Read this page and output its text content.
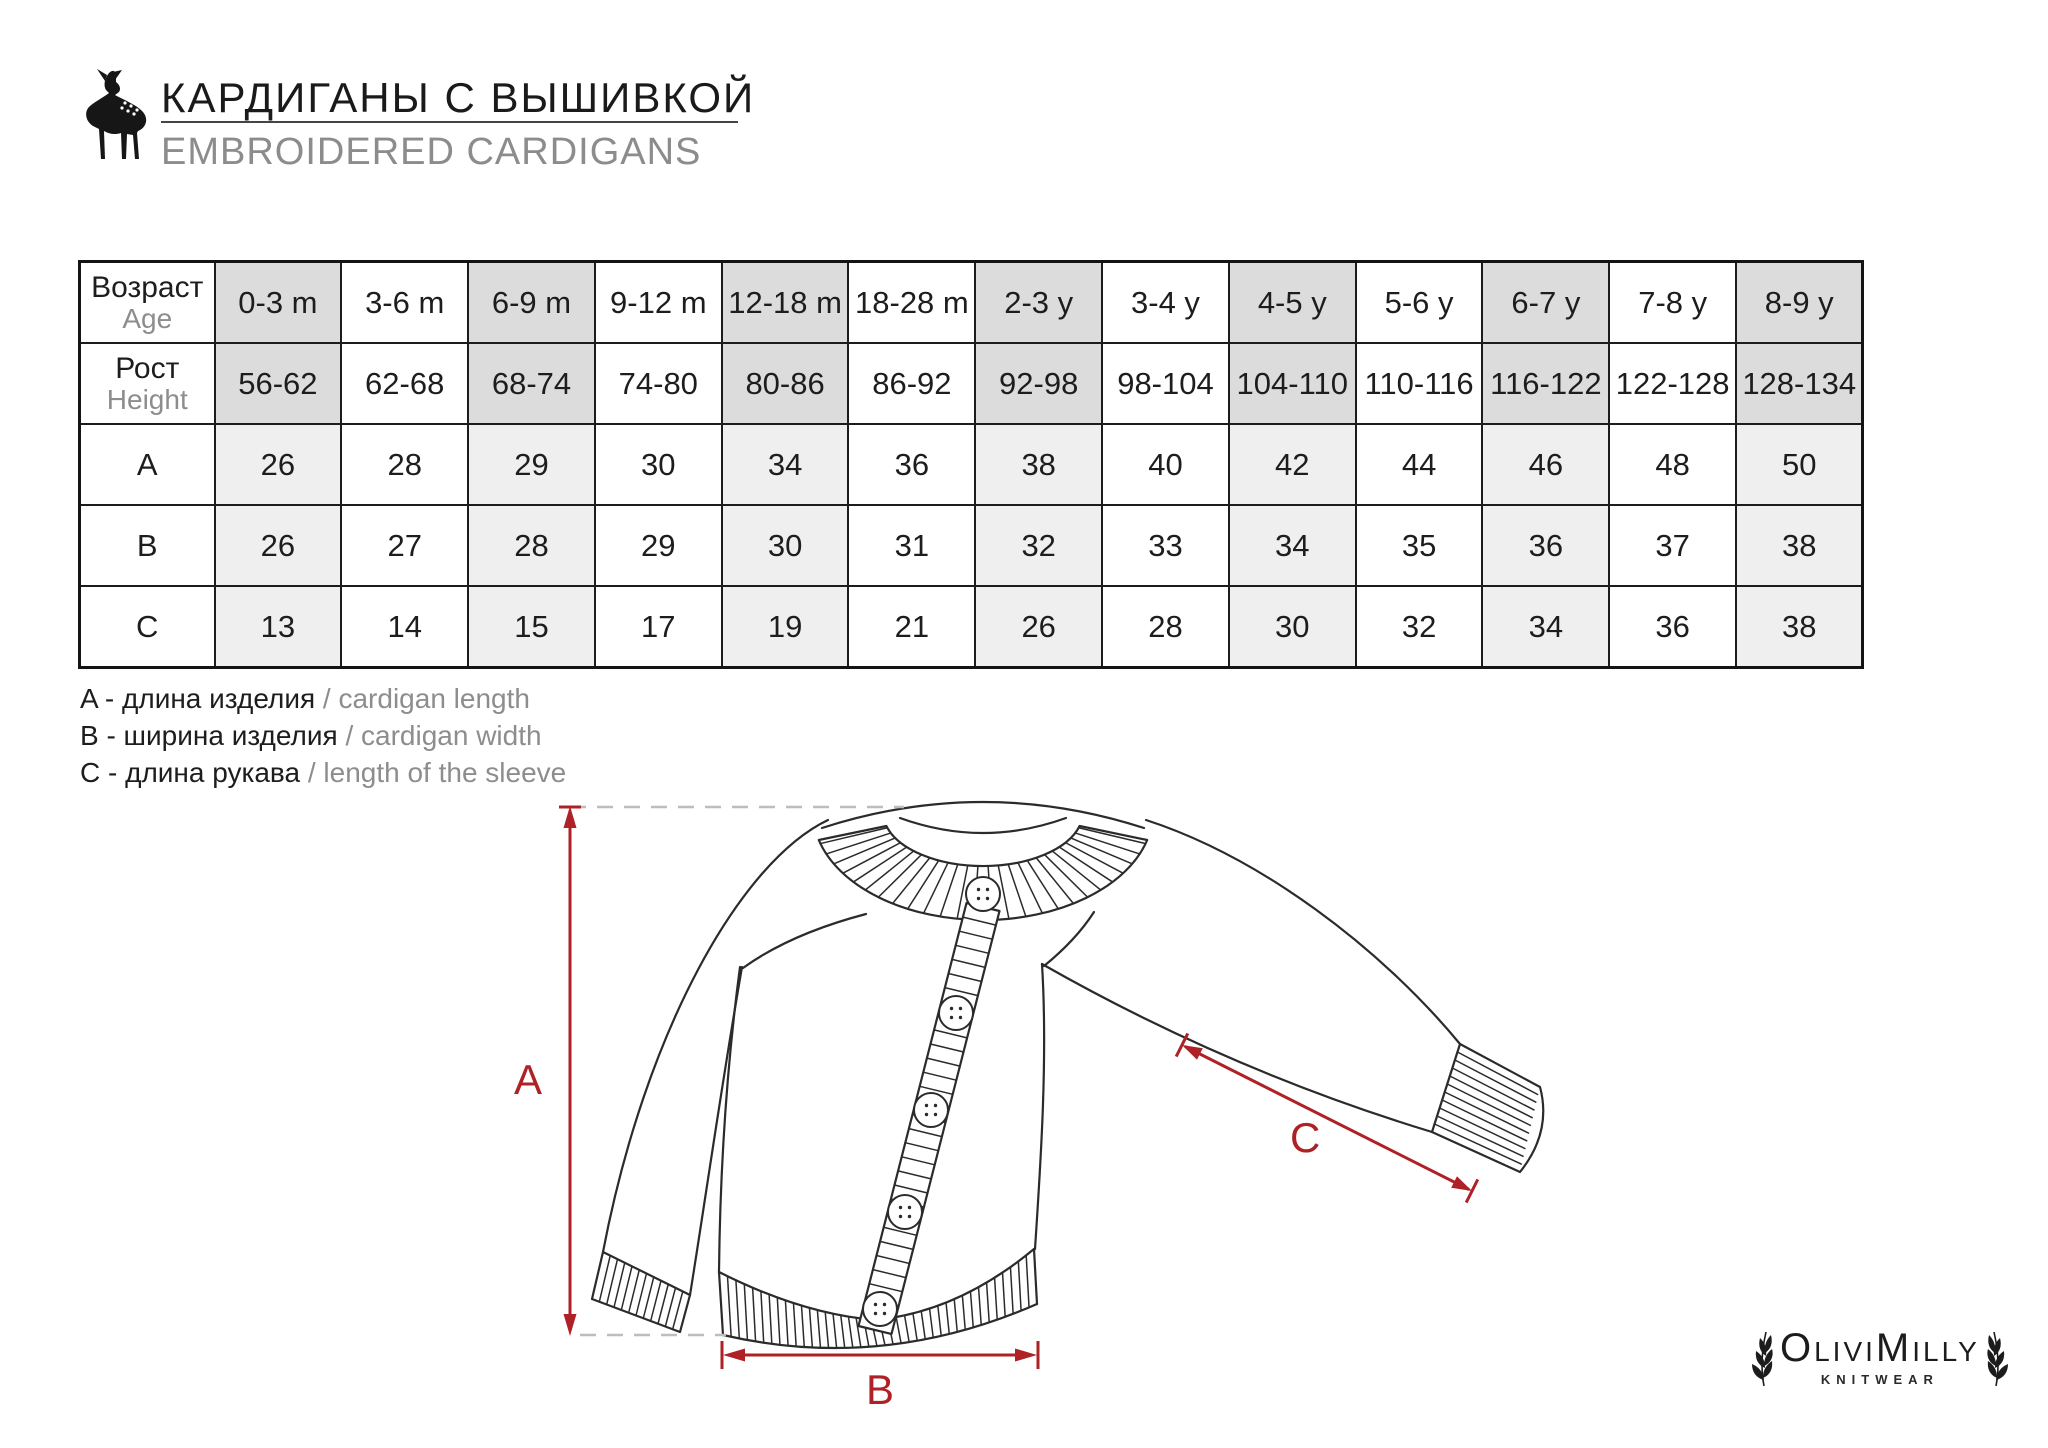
КАРДИГАНЫ С ВЫШИВКОЙ
EMBROIDERED CARDIGANS
Возраст
Age	0-3 m	3-6 m	6-9 m	9-12 m	12-18 m	18-28 m	2-3 y	3-4 y	4-5 y	5-6 y	6-7 y	7-8 y	8-9 y

Рост
Height	56-62	62-68	68-74	74-80	80-86	86-92	92-98	98-104	104-110	110-116	116-122	122-128	128-134
A	26	28	29	30	34	36	38	40	42	44	46	48	50
B	26	27	28	29	30	31	32	33	34	35	36	37	38
C	13	14	15	17	19	21	26	28	30	32	34	36	38
A - длина изделия / cardigan length
B - ширина изделия / cardigan width
C - длина рукава / length of the sleeve
A
B
C
OliviMilly
KNITWEAR
